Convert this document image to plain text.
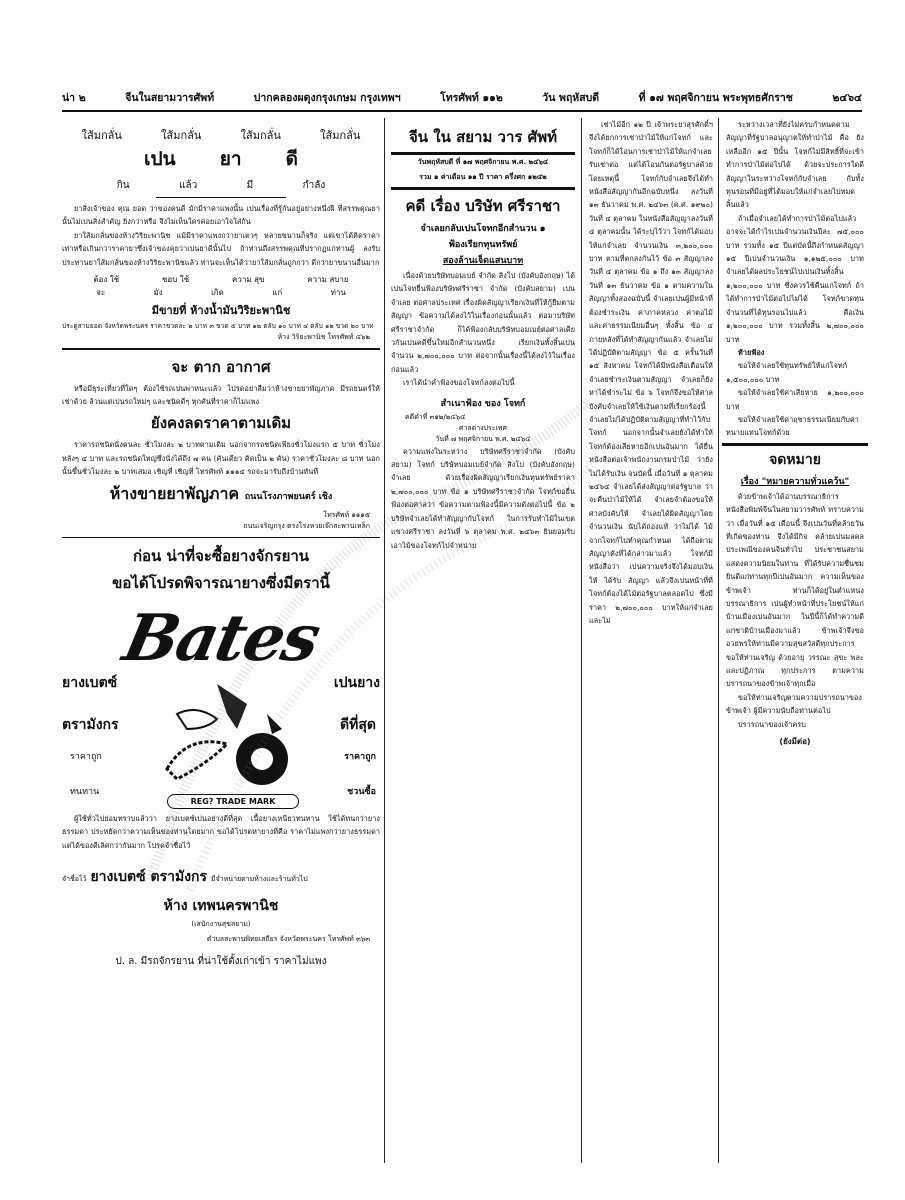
น่า ๒	จีนในสยามวารศัพท์	ปากคลองผดุงกรุงเกษม กรุงเทพฯ	โทรศัพท์ ๑๑๒	วัน พฤหัสบดี	ที่ ๑๗ พฤศจิกายน พระพุทธศักราช	๒๔๖๔
ใส้มกลั่น	ใส้มกลั่น	ใส้มกลั่น	ใส้มกลั่น
เปน ยา ดี
กิน	แล้ว	มี	กำลัง

ยาสิ่งเจ้าของ คุณ ยอด ว่าของคนดี มักมีราคาแพงนั้น เปนเรื่องที่รู้กันอยู่อย่างหนึ่งฝี ที่สรรพคุณยานั้นไม่เปนสิ่งสำคัญ ยิ่งกว่าหรือ จึงไม่เห็นใครค่อยเอาใจใส่กัน

ยาใส้มกลั่นของห้างวิริยะพานิช แม้มีราคาแพงกว่ายาเตวๆ หลายขนานก็จริง แต่เขาได้คิดราคาเท่าหรือเกินกว่าราคายาซึ่งเจ้าของคุยว่าเปนยาดีนั้นไป ถ้าท่านถึงสรรพคุณที่ปรากฏแก่ท่านผู้ ลงรับประทานยาใส้มกลั่นของห้างวิริยะพานิชแล้ว ท่านจะเห็นได้ว่ายาใส้มกลั่นถูกกว่า ดีกว่ายาขนานอื่นมาก

ต้อง ใช้	ชอบ ใช้	ความ สุข	ความ สบาย
จะ	มัง	เกิด	แก่	ท่าน
มีขายที่ ห้างน้ำมันวิริยะพานิช
ประตูสามยอด จังหวัดพระนคร ราคาขวดละ ๒ บาท ๓ ขวด ๕ บาท ๑๒ ตลับ ๑๐ บาท ๔ ตลับ ๑๒ ขวด ๒๐ บาท
ห้าง วิริยะพานิช โทรศัพท์ ๔๖๒
จะ ตาก อากาศ

หรือมีธุระเที่ยวที่ใดๆ ต้องใช้รถเปนพาหนะแล้ว โปรดอย่าลืมว่าห้างขายยาพัญภาค มีรถยนตร์ให้เช่าด้วย ล้วนแต่เปนรถใหม่ๆ และชนิดดีๆ ทุกคันที่ราคาก็ไม่แพง

ยังคงลดราคาตามเดิม

ราคารถชนิดนั่งคนละ ชั่วโมงละ ๒ บาทตามเดิม นอกจากรถชนิดเพียงชั่วโมงแรก ๕ บาท ชั่วโมงหลังๆ ๔ บาท และรถชนิดใหญ่ซึ่งนั่งได้ถึง ๗ คน (คันเดียว คิดเป็น ๒ คัน) ราคาชั่วโมงละ ๘ บาท นอกนั้นขึ้นชั่วโมงละ ๒ บาทเสมอ เชิญที่ เชิญที่ โทรศัพท์ ๑๑๑๔ รถจะมารับถึงบ้านทันที

ห้างขายยาพัญภาค ถนนโรงภาพยนตร์ เชิง
โทรศัพท์ ๑๑๑๕
ถนนเจริญกรุง ตรงโรงหวยเจ๊กสะพานเหล็ก
ก่อน น่าที่จะซื้อยางจักรยาน
ขอได้โปรดพิจารณายางซึ่งมีตรานี้
Bates
ยางเบตซ์
ตรามังกร
ราคาถูก
ทนทาน
เปนยาง
ดีที่สุด
ราคาถูก
ชวนซื้อ
REG? TRADE MARK

ผู้ใช้ทั่วไปย่อมทราบแล้วว่า ยางเบตซ์เปนอย่างดีที่สุด เนื้อยางเหนียวทนทาน ใช้ได้ทนกว่ายางธรรมดา ประหยัดกว่าความเห็นของท่านโดยมาก ขอได้โปรดหายางที่คือ ราคาไม่แพงกว่ายางธรรมดา แต่ได้ของดีเลิศกว่ากันมาก โปรดจำชื่อไว้

จำชื่อไว้ ยางเบตซ์ ตรามังกร มีจำหน่ายตามห้างและร้านทั่วไป
ห้าง เทพนครพานิช
(เสนักงานสุขสยาม)
ตำบลสะพานพิทยเสถียร จังหวัดพระนคร โทรศัพท์ ๓๖๓
ป. ล. มีรถจักรยาน ที่น่าใช้ตั้งเก่าเข้า ราคาไม่แพง
จีน ใน สยาม วาร ศัพท์
วันพฤหัสบดี ที่ ๑๗ พฤศจิกายน พ.ศ. ๒๔๖๔
รวม ๑ ค่าเดือน ๑๑ ปี ราคา ครึ่งศก ๑๒๔๒
คดี เรื่อง บริษัท ศรีราชา
จำเลยกลับเปนโจทกอีกสำนวน ๑
ฟ้องเรียกทุนทรัพย์
สองล้านเจ็ดแสนบาท

เนื่องด้วยบริษัทบอมเบย์ จำกัด สิงโป (บังคับอังกฤษ) ได้เปนโจทยื่นฟ้องบริษัทศรีราชา จำกัด (บังคับสยาม) เปนจำเลย ต่อศาลประเทศ เรื่องผิดสัญญาเรียกเงินที่ให้กู้ยืมตามสัญญา ข้อความได้ลงไว้ในเรื่องก่อนนั้นแล้ว ต่อมาบริษัทศรีราชาจำกัด ก็ได้ฟ้องกลับบริษัทบอมเบย์ต่อศาลเดียวกันเปนคดีขึ้นใหม่อีกสำนวนหนึ่ง เรียกเงินทั้งสิ้นเปนจำนวน ๒,๗๐๐,๐๐๐ บาท ต่อจากนั้นเรื่องนี้ได้ลงไว้ในเรื่องก่อนแล้ว

เราได้นำคำฟ้องของโจทก์ลงต่อไปนี้

สำเนาฟ้อง ของ โจทก์
คดีดำที่ ๓๑๒/๒๔๖๔
ศาลต่างประเทศ
วันที่ ๗ พฤศจิกายน พ.ศ. ๒๔๖๔

ความแพ่งในระหว่าง บริษัทศรีราชาจำกัด (บังคับสยาม) โจทก์ บริษัทบอมเบย์จำกัด สิงโป (บังคับอังกฤษ) จำเลย ด้วยเรื่องผิดสัญญาเรียกเงินทุนทรัพย์ราคา ๒,๗๐๐,๐๐๐ บาท ข้อ ๑ บริษัทศรีราชาจำกัด โจทก์ขอยื่นฟ้องต่อศาลว่า ข้อความตามฟ้องนี้มีความดังต่อไปนี้ ข้อ ๒ บริษัทจำเลยได้ทำสัญญากับโจทก์ ในการรับทำไม้ในเขตแขวงศรีราชา ลงวันที่ ๖ ตุลาคม พ.ศ. ๒๔๖๓ ยินยอมรับเอาไม้ของโจทก์ไปจำหน่าย

เช่าไม้อีก ๑๒ ปี เจ้าพระยาสุรศักดิ์ฯ จึงได้ยกการเช่าป่าไม้ให้แก่โจทก์ และโจทก์ก็ได้โอนการเช่าป่าไม้ให้แก่จำเลย รับเช่าต่อ แต่ได้โอนกันต่อรัฐบาลด้วย โดยเหตุนี้ โจทก์กับจำเลยจึงได้ทำหนังสือสัญญากันอีกฉบับหนึ่ง ลงวันที่ ๑๓ ธันวาคม พ.ศ. ๒๔๖๓ (ค.ศ. ๑๙๒๐) วันที่ ๔ ตุลาคม ในหนังสือสัญญาลงวันที่ ๔ ตุลาคมนั้น ได้ระบุไว้ว่า โจทก์ได้มอบให้แก่จำเลย จำนวนเงิน ๓,๒๐๐,๐๐๐ บาท ตามที่ตกลงกันไว้ ข้อ ๓ สัญญาลงวันที่ ๔ ตุลาคม ข้อ ๑ ถึง ๑๓ สัญญาลงวันที่ ๑๓ ธันวาคม ข้อ ๑ ตามความในสัญญาทั้งสองฉบับนี้ จำเลยเปนผู้มีหน้าที่ต้องชำระเงิน ค่าภาคหลวง ค่าตอไม้ และค่าธรรมเนียมอื่นๆ ทั้งสิ้น ข้อ ๔ ภายหลังที่ได้ทำสัญญากันแล้ว จำเลยไม่ได้ปฏิบัติตามสัญญา ข้อ ๕ ครั้นวันที่ ๑๕ สิงหาคม โจทก์ได้มีหนังสือเตือนให้จำเลยชำระเงินตามสัญญา จำเลยก็ยังหาได้ชำระไม่ ข้อ ๖ โจทก์จึงขอให้ศาลบังคับจำเลยให้ใช้เงินตามที่เรียกร้องนี้ จำเลยไม่ได้ปฏิบัติตามสัญญาที่ทำไว้กับโจทก์ นอกจากนั้นจำเลยยังได้ทำให้โจทก์ต้องเสียหายอีกเปนอันมาก ได้ยื่นหนังสือต่อเจ้าพนักงานกรมป่าไม้ ว่ายังไม่ได้รับเงิน จนบัดนี้ เมื่อวันที่ ๑ ตุลาคม ๒๔๖๔ จำเลยได้ส่งสัญญาต่อรัฐบาล ว่าจะคืนป่าไม้ให้ได้ จำเลยจำต้องขอให้ศาลบังคับให้ จำเลยได้ผิดสัญญาโดยจำนวนเงิน นับได้ถ่องแท้ ว่าไม่ได้ ไม้ จากโจทก์ไปทำคุณกำหนด ได้ถือตามสัญญาดังที่ได้กล่าวมาแล้ว โจทก์มีหนังสือว่า เปนความจริงจึงได้มอบเงินให้ ได้รับ สัญญา แล้วจึงเปนหน้าที่ที่โจทก์ต้องได้ไม้ต่อรัฐบาลตลอดไป ซึ่งมีราคา ๒,๗๐๐,๐๐๐ บาทให้แก่จำเลย และไม่

ระหว่างเวลาที่ยังไม่ครบกำหนดตามสัญญาที่รัฐบาลอนุญาตให้ทำป่าไม้ คือ ยังเหลืออีก ๑๕ ปีนั้น โจทก์ไม่มีสิทธิ์ที่จะเข้าทำการป่าไม้ต่อไปได้ ด้วยจะประการใดดี สัญญาในระหว่างโจทก์กับจำเลย กับทั้งทุนรอนที่มีอยู่ที่ได้มอบให้แก่จำเลยไปหมดสิ้นแล้ว

ถ้าเมื่อจำเลยได้ทำการป่าไม้ต่อไปแล้ว อาจจะได้กำไรเปนจำนวนเงินปีละ ๗๕,๐๐๐ บาท รวมทั้ง ๑๕ ปีแต่บัดนี้ถึงกำหนดสัญญา ๑๕ ปีเปนจำนวนเงิน ๑,๑๒๕,๐๐๐ บาท จำเลยได้ผลประโยชน์ไปเปนเงินทั้งสิ้น ๑,๒๐๐,๐๐๐ บาท ซึ่งควรใช้คืนแก่โจทก์ ถ้าได้ทำการป่าไม้ต่อไปไม่ได้ โจทก์ขาดทุนจำนวนที่ได้ทุนรอนไปแล้ว คือเงิน ๑,๒๐๐,๐๐๐ บาท รวมทั้งสิ้น ๒,๗๐๐,๐๐๐ บาท

ท้ายฟ้อง

ขอให้จำเลยใช้ทุนทรัพย์ให้แก่โจทก์ ๑,๕๐๐,๐๐๐ บาท

ขอให้จำเลยใช้ค่าเสียหาย ๑,๒๐๐,๐๐๐ บาท

ขอให้จำเลยใช้ค่าฤชาธรรมเนียมกับค่าทนายแทนโจทก์ด้วย

จดหมาย
เรื่อง "หมายความทั่วแคว้น"

ด้วยข้าพเจ้าได้อ่านบรรณาธิการหนังสือพิมพ์จีนในสยามวารศัพท์ ทราบความว่า เมื่อวันที่ ๑๕ เดือนนี้ จึงเปนวันที่คล้ายวันที่เกิดของท่าน จึงได้มีกิจ คล้ายเปนมลคลประเพณีของคนจีนทั่วไป ประชาชนสยามแสดงความนิยมในท่าน ที่ได้รับความชื่นชมยินดีแก่ท่านทุกปีเปนอันมาก ความเห็นของข้าพเจ้า ท่านก็ได้อยู่ในตำแหน่งบรรณาธิการ เปนผู้ทำหน้าที่ประโยชน์ให้แก่บ้านเมืองเปนอันมาก ในปีนี้ก็ได้ทำความดีแก่ชาติบ้านเมืองมาแล้ว ข้าพเจ้าจึงขออวยพรให้ท่านมีความสุขสวัสดีทุกประการ ขอให้ท่านเจริญ ด้วยอายุ วรรณะ สุขะ พละ และปฏิภาณ ทุกประการ ตามความปรารถนาของข้าพเจ้าทุกเมื่อ

ขอให้ท่านเจริญตามความปรารถนาของข้าพเจ้า ผู้มีความนับถือท่านต่อไป

ปรารถนาของเจ้าครบ

(ยังมีต่อ)
